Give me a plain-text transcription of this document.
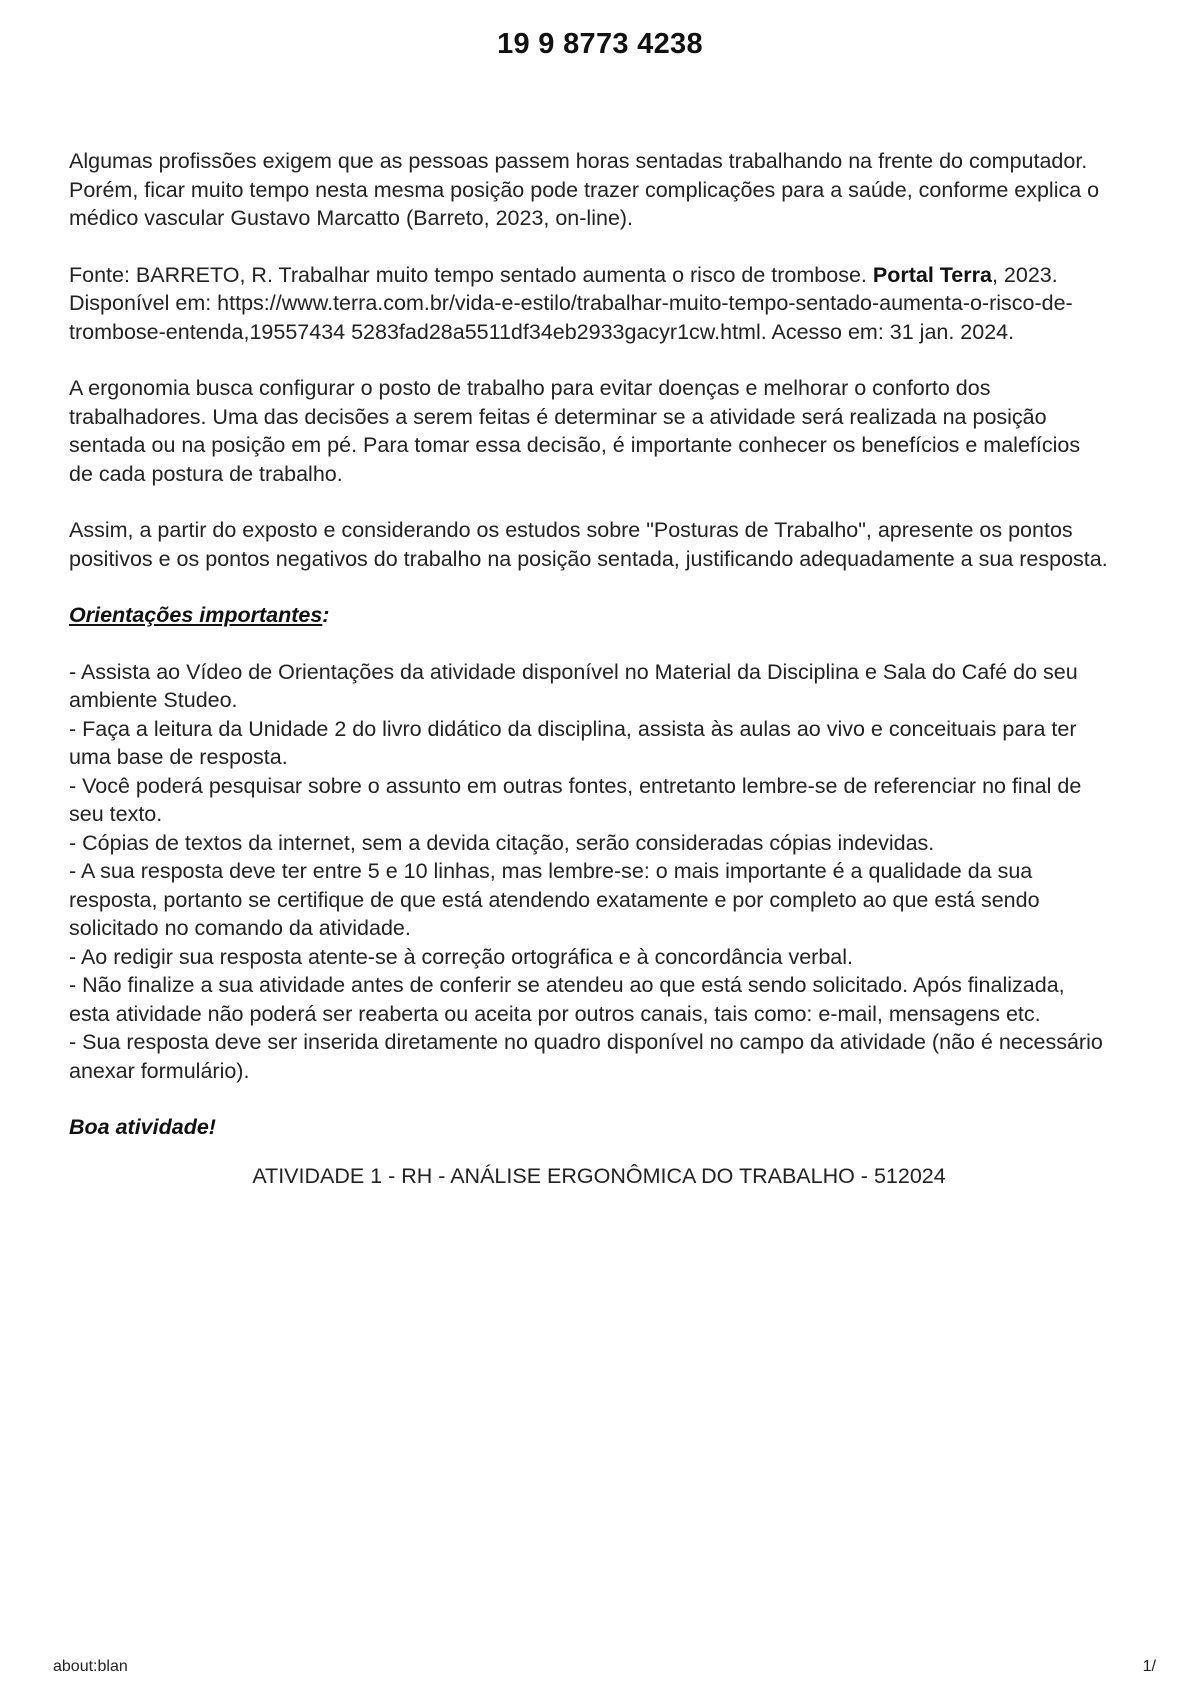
19 9 8773 4238

Algumas profissões exigem que as pessoas passem horas sentadas trabalhando na frente do computador. Porém, ficar muito tempo nesta mesma posição pode trazer complicações para a saúde, conforme explica o médico vascular Gustavo Marcatto (Barreto, 2023, on-line).

Fonte: BARRETO, R. Trabalhar muito tempo sentado aumenta o risco de trombose. Portal Terra, 2023. Disponível em: https://www.terra.com.br/vida-e-estilo/trabalhar-muito-tempo-sentado-aumenta-o-risco-de- trombose-entenda,19557434 5283fad28a5511df34eb2933gacyr1cw.html. Acesso em: 31 jan. 2024.

A ergonomia busca configurar o posto de trabalho para evitar doenças e melhorar o conforto dos trabalhadores. Uma das decisões a serem feitas é determinar se a atividade será realizada na posição sentada ou na posição em pé. Para tomar essa decisão, é importante conhecer os benefícios e malefícios de cada postura de trabalho.

Assim, a partir do exposto e considerando os estudos sobre "Posturas de Trabalho", apresente os pontos positivos e os pontos negativos do trabalho na posição sentada, justificando adequadamente a sua resposta.

Orientações importantes:

- Assista ao Vídeo de Orientações da atividade disponível no Material da Disciplina e Sala do Café do seu ambiente Studeo.
- Faça a leitura da Unidade 2 do livro didático da disciplina, assista às aulas ao vivo e conceituais para ter uma base de resposta.
- Você poderá pesquisar sobre o assunto em outras fontes, entretanto lembre-se de referenciar no final de seu texto.
- Cópias de textos da internet, sem a devida citação, serão consideradas cópias indevidas.
- A sua resposta deve ter entre 5 e 10 linhas, mas lembre-se: o mais importante é a qualidade da sua resposta, portanto se certifique de que está atendendo exatamente e por completo ao que está sendo solicitado no comando da atividade.
- Ao redigir sua resposta atente-se à correção ortográfica e à concordância verbal.
- Não finalize a sua atividade antes de conferir se atendeu ao que está sendo solicitado. Após finalizada, esta atividade não poderá ser reaberta ou aceita por outros canais, tais como: e-mail, mensagens etc.
- Sua resposta deve ser inserida diretamente no quadro disponível no campo da atividade (não é necessário anexar formulário).

Boa atividade!

ATIVIDADE 1 - RH - ANÁLISE ERGONÔMICA DO TRABALHO - 512024

about:blan	1/
